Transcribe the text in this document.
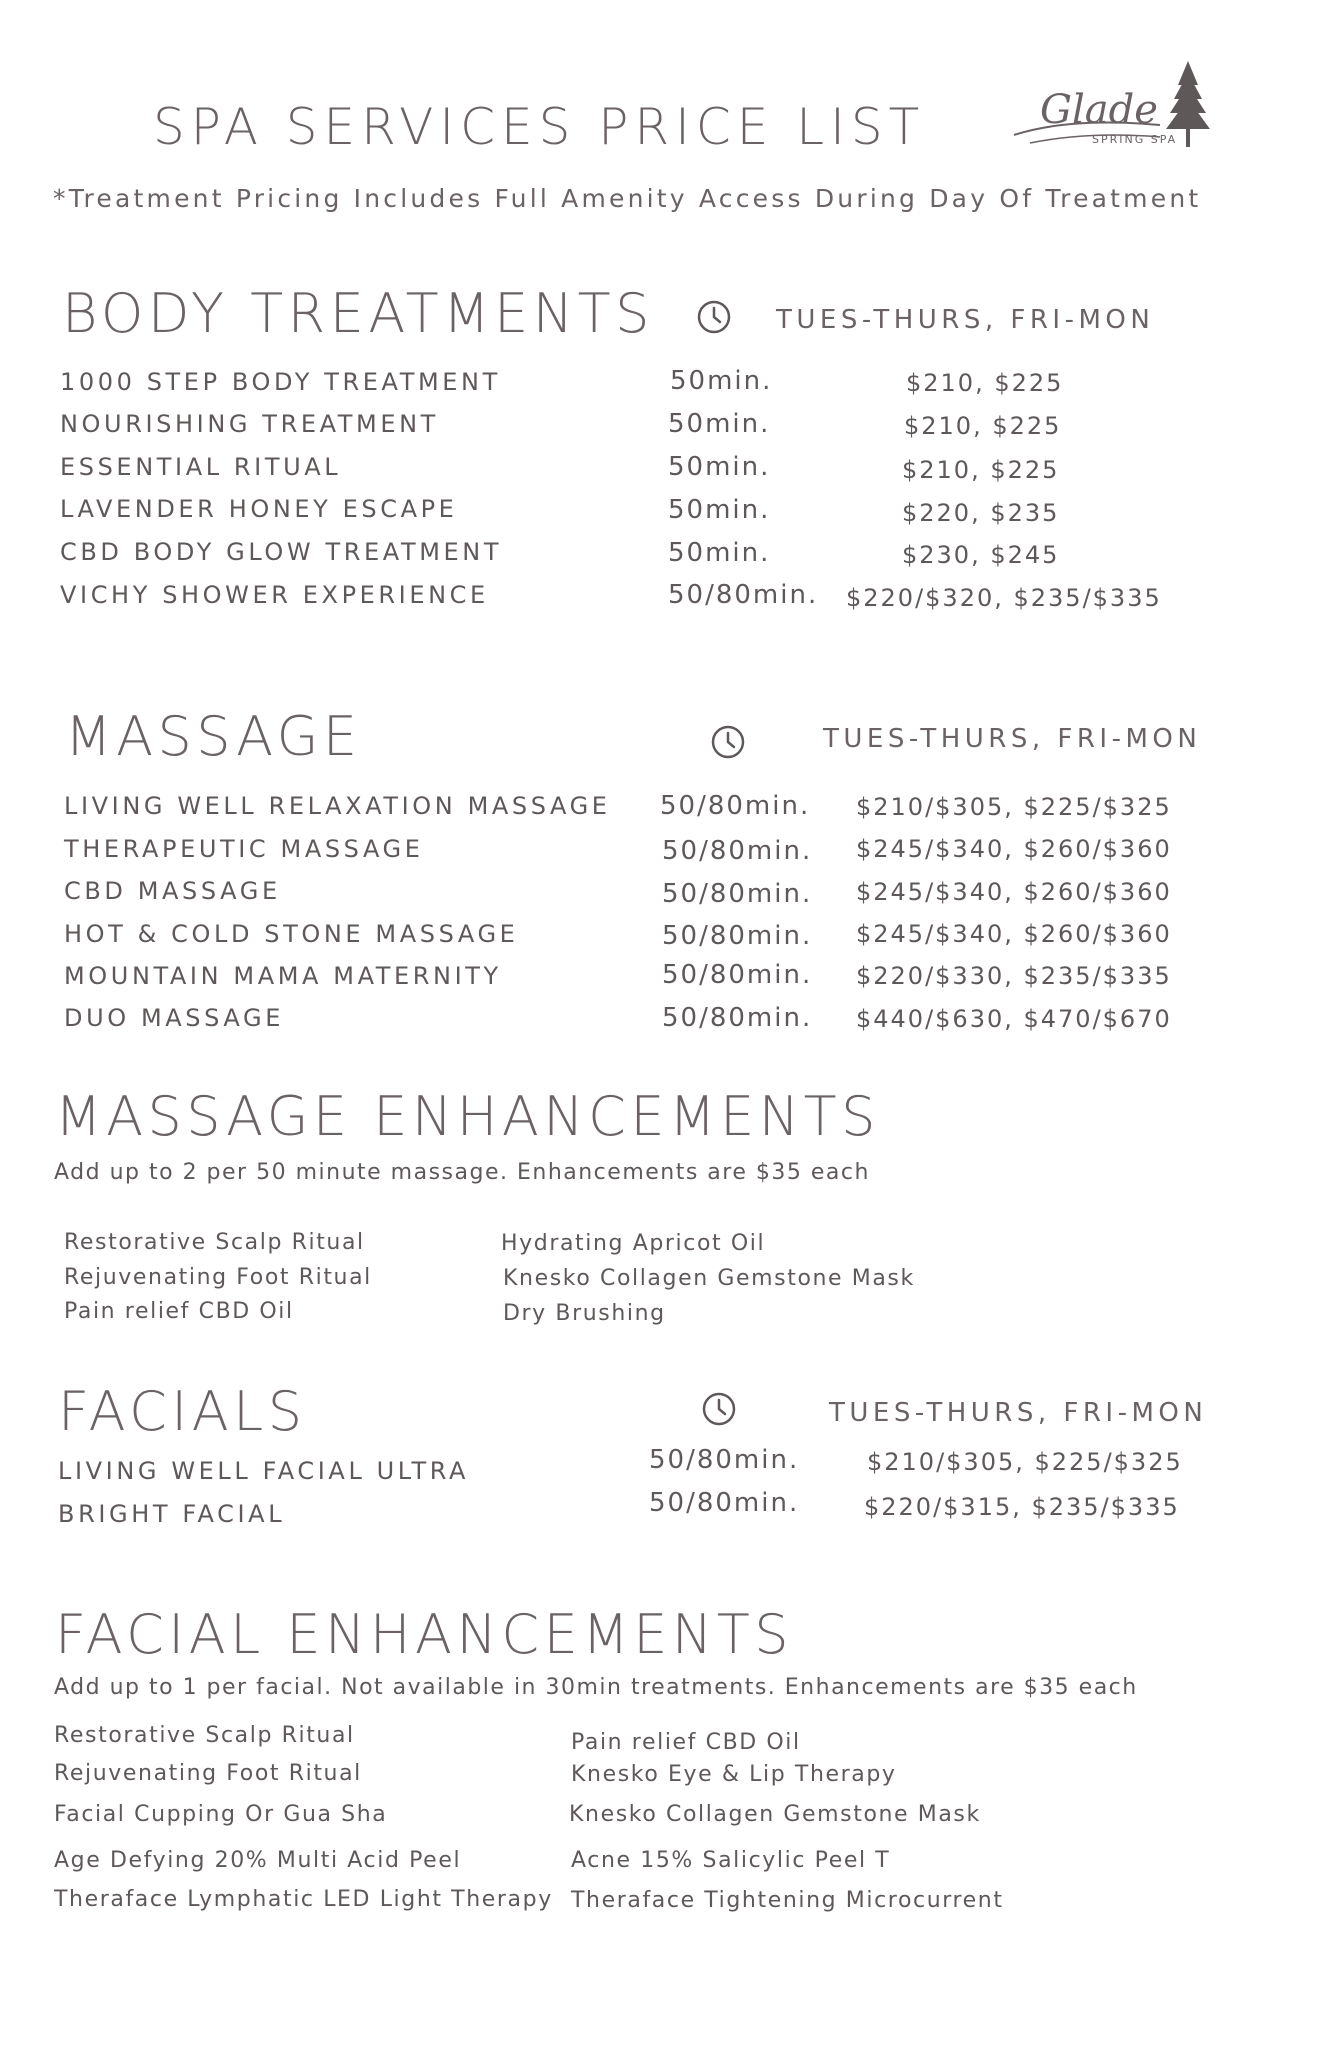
SPA SERVICES PRICE LIST	Glade
SPRING SPA
*Treatment Pricing Includes Full Amenity Access During Day Of Treatment
BODY TREATMENTS	TUES-THURS, FRI-MON
1000 STEP BODY TREATMENT	50min.	$210, $225
NOURISHING TREATMENT	50min.	$210, $225
ESSENTIAL RITUAL	50min.	$210, $225
LAVENDER HONEY ESCAPE	50min.	$220, $235
CBD BODY GLOW TREATMENT	50min.	$230, $245
VICHY SHOWER EXPERIENCE	50/80min. $220/$320, $235/$335
MASSAGE	TUES-THURS, FRI-MON
LIVING WELL RELAXATION MASSAGE 50/80min. $210/$305, $225/$325
THERAPEUTIC MASSAGE	50/80min. $245/$340, $260/$360
CBD MASSAGE	50/80min. $245/$340, $260/$360
HOT & COLD STONE MASSAGE	50/80min. $245/$340, $260/$360
MOUNTAIN MAMA MATERNITY	50/80min. $220/$330, $235/$335
DUO MASSAGE	50/80min. $440/$630, $470/$670
MASSAGE ENHANCEMENTS
Add up to 2 per 50 minute massage. Enhancements are $35 each
Restorative Scalp Ritual
Rejuvenating Foot Ritual
Pain relief CBD Oil
Hydrating Apricot Oil
Knesko Collagen Gemstone Mask
Dry Brushing
FACIALS	TUES-THURS, FRI-MON
LIVING WELL FACIAL ULTRA	50/80min.	$210/$305, $225/$325
BRIGHT FACIAL	50/80min.	$220/$315, $235/$335
FACIAL ENHANCEMENTS
Add up to 1 per facial. Not available in 30min treatments. Enhancements are $35 each
Restorative Scalp Ritual
Rejuvenating Foot Ritual
Facial Cupping Or Gua Sha
Age Defying 20% Multi Acid Peel
Theraface Lymphatic LED Light Therapy
Pain relief CBD Oil
Knesko Eye & Lip Therapy
Knesko Collagen Gemstone Mask
Acne 15% Salicylic Peel T
Theraface Tightening Microcurrent
